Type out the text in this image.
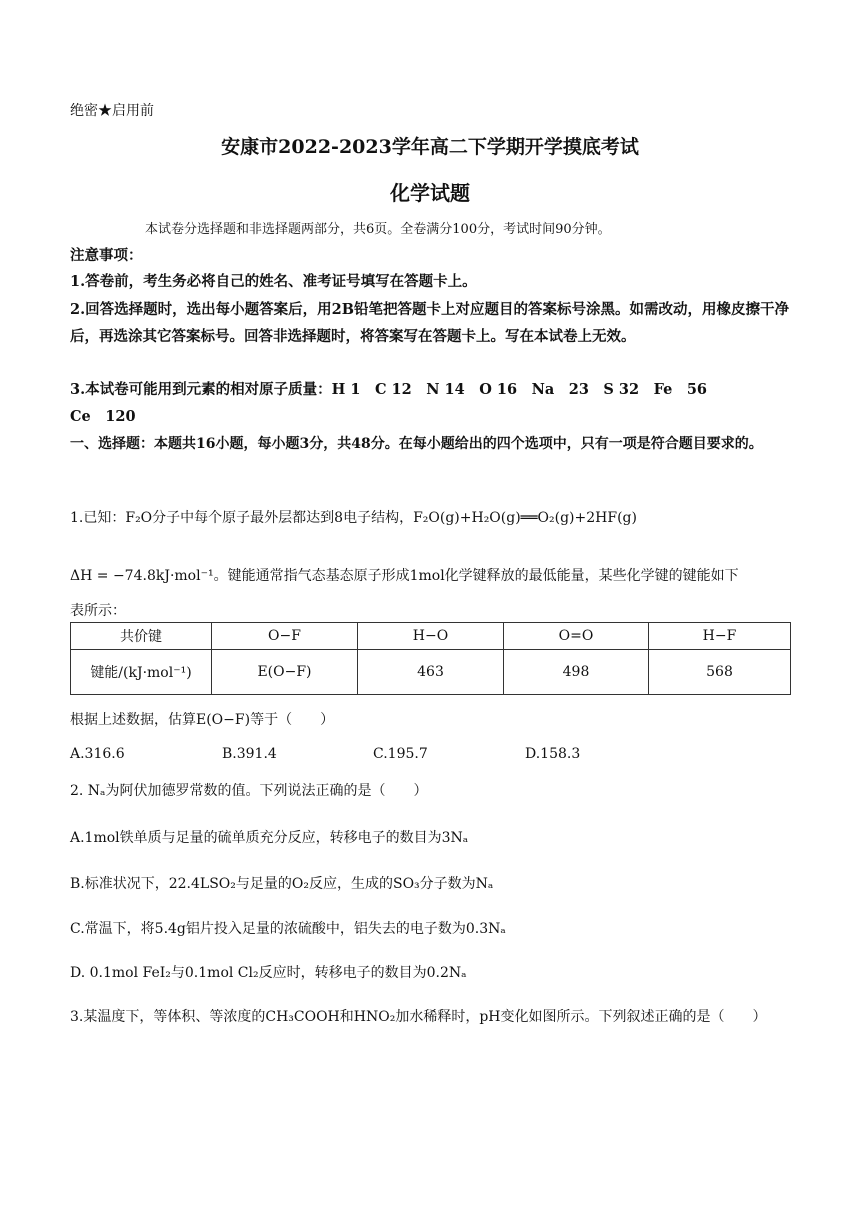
绝密★启用前
安康市2022-2023学年高二下学期开学摸底考试
化学试题
本试卷分选择题和非选择题两部分，共6页。全卷满分100分，考试时间90分钟。
注意事项：
1.答卷前，考生务必将自己的姓名、准考证号填写在答题卡上。
2.回答选择题时，选出每小题答案后，用2B铅笔把答题卡上对应题目的答案标号涂黑。如需改动，用橡皮擦干净后，再选涂其它答案标号。回答非选择题时，将答案写在答题卡上。写在本试卷上无效。
3.本试卷可能用到元素的相对原子质量：H 1　C 12　N 14　O 16　Na　23　S 32　Fe　56
Ce　120
一、选择题：本题共16小题，每小题3分，共48分。在每小题给出的四个选项中，只有一项是符合题目要求的。
1.已知：F₂O分子中每个原子最外层都达到8电子结构，F₂O(g)+H₂O(g)══O₂(g)+2HF(g)
ΔH = −74.8kJ·mol⁻¹。键能通常指气态基态原子形成1mol化学键释放的最低能量，某些化学键的键能如下
表所示：
共价键	O−F	H−O	O=O	H−F
键能/(kJ·mol⁻¹)	E(O−F)	463	498	568
根据上述数据，估算E(O−F)等于（　　）
A.316.6	B.391.4	C.195.7	D.158.3
2. Nₐ为阿伏加德罗常数的值。下列说法正确的是（　　）
A.1mol铁单质与足量的硫单质充分反应，转移电子的数目为3Nₐ
B.标准状况下，22.4LSO₂与足量的O₂反应，生成的SO₃分子数为Nₐ
C.常温下，将5.4g铝片投入足量的浓硫酸中，铝失去的电子数为0.3Nₐ
D. 0.1mol FeI₂与0.1mol Cl₂反应时，转移电子的数目为0.2Nₐ
3.某温度下，等体积、等浓度的CH₃COOH和HNO₂加水稀释时，pH变化如图所示。下列叙述正确的是（　　）
